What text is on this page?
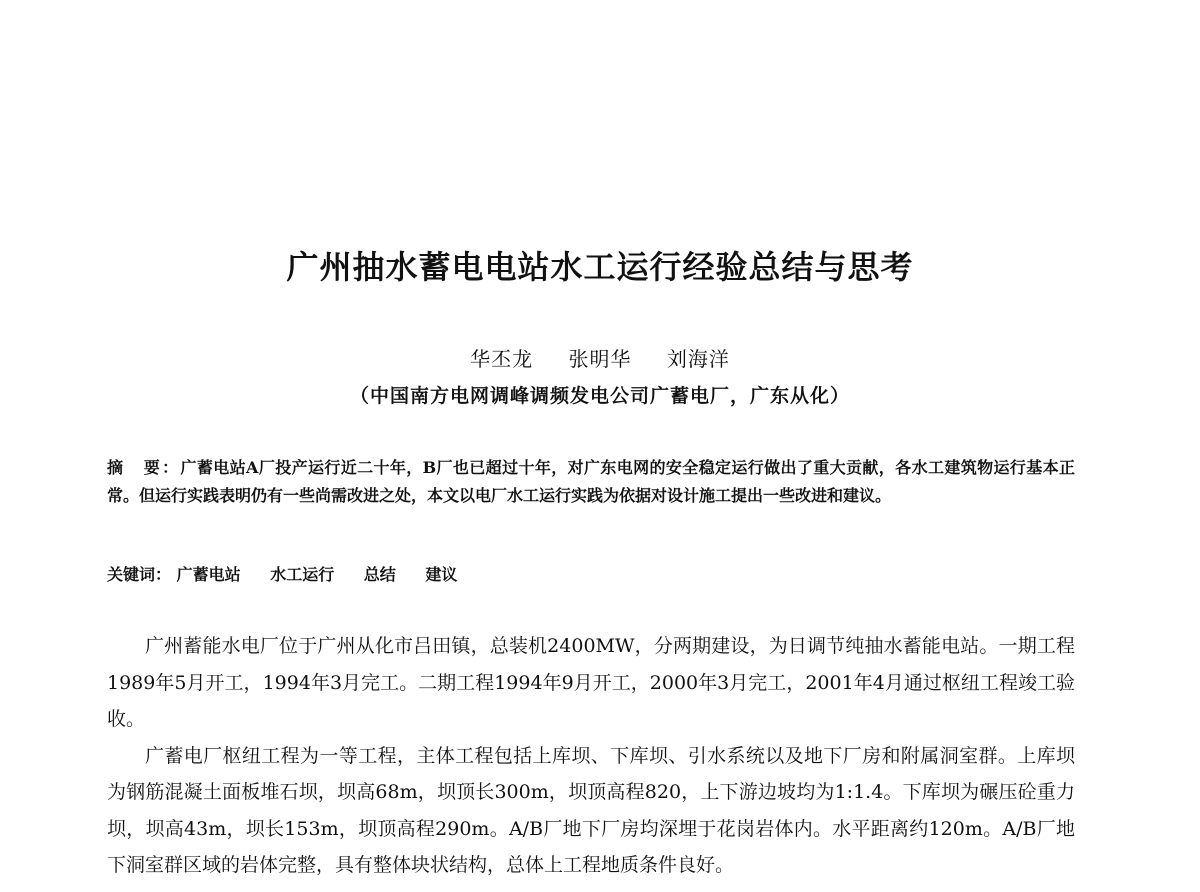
广州抽水蓄电电站水工运行经验总结与思考
华丕龙 张明华 刘海洋
（中国南方电网调峰调频发电公司广蓄电厂，广东从化）
摘　要：广蓄电站A厂投产运行近二十年，B厂也已超过十年，对广东电网的安全稳定运行做出了重大贡献，各水工建筑物运行基本正常。但运行实践表明仍有一些尚需改进之处，本文以电厂水工运行实践为依据对设计施工提出一些改进和建议。
关键词： 广蓄电站 水工运行 总结 建议

广州蓄能水电厂位于广州从化市吕田镇，总装机2400MW，分两期建设，为日调节纯抽水蓄能电站。一期工程1989年5月开工，1994年3月完工。二期工程1994年9月开工，2000年3月完工，2001年4月通过枢纽工程竣工验收。

广蓄电厂枢纽工程为一等工程，主体工程包括上库坝、下库坝、引水系统以及地下厂房和附属洞室群。上库坝为钢筋混凝土面板堆石坝，坝高68m，坝顶长300m，坝顶高程820，上下游边坡均为1:1.4。下库坝为碾压砼重力坝，坝高43m，坝长153m，坝顶高程290m。A/B厂地下厂房均深埋于花岗岩体内。水平距离约120m。A/B厂地下洞室群区域的岩体完整，具有整体块状结构，总体上工程地质条件良好。
